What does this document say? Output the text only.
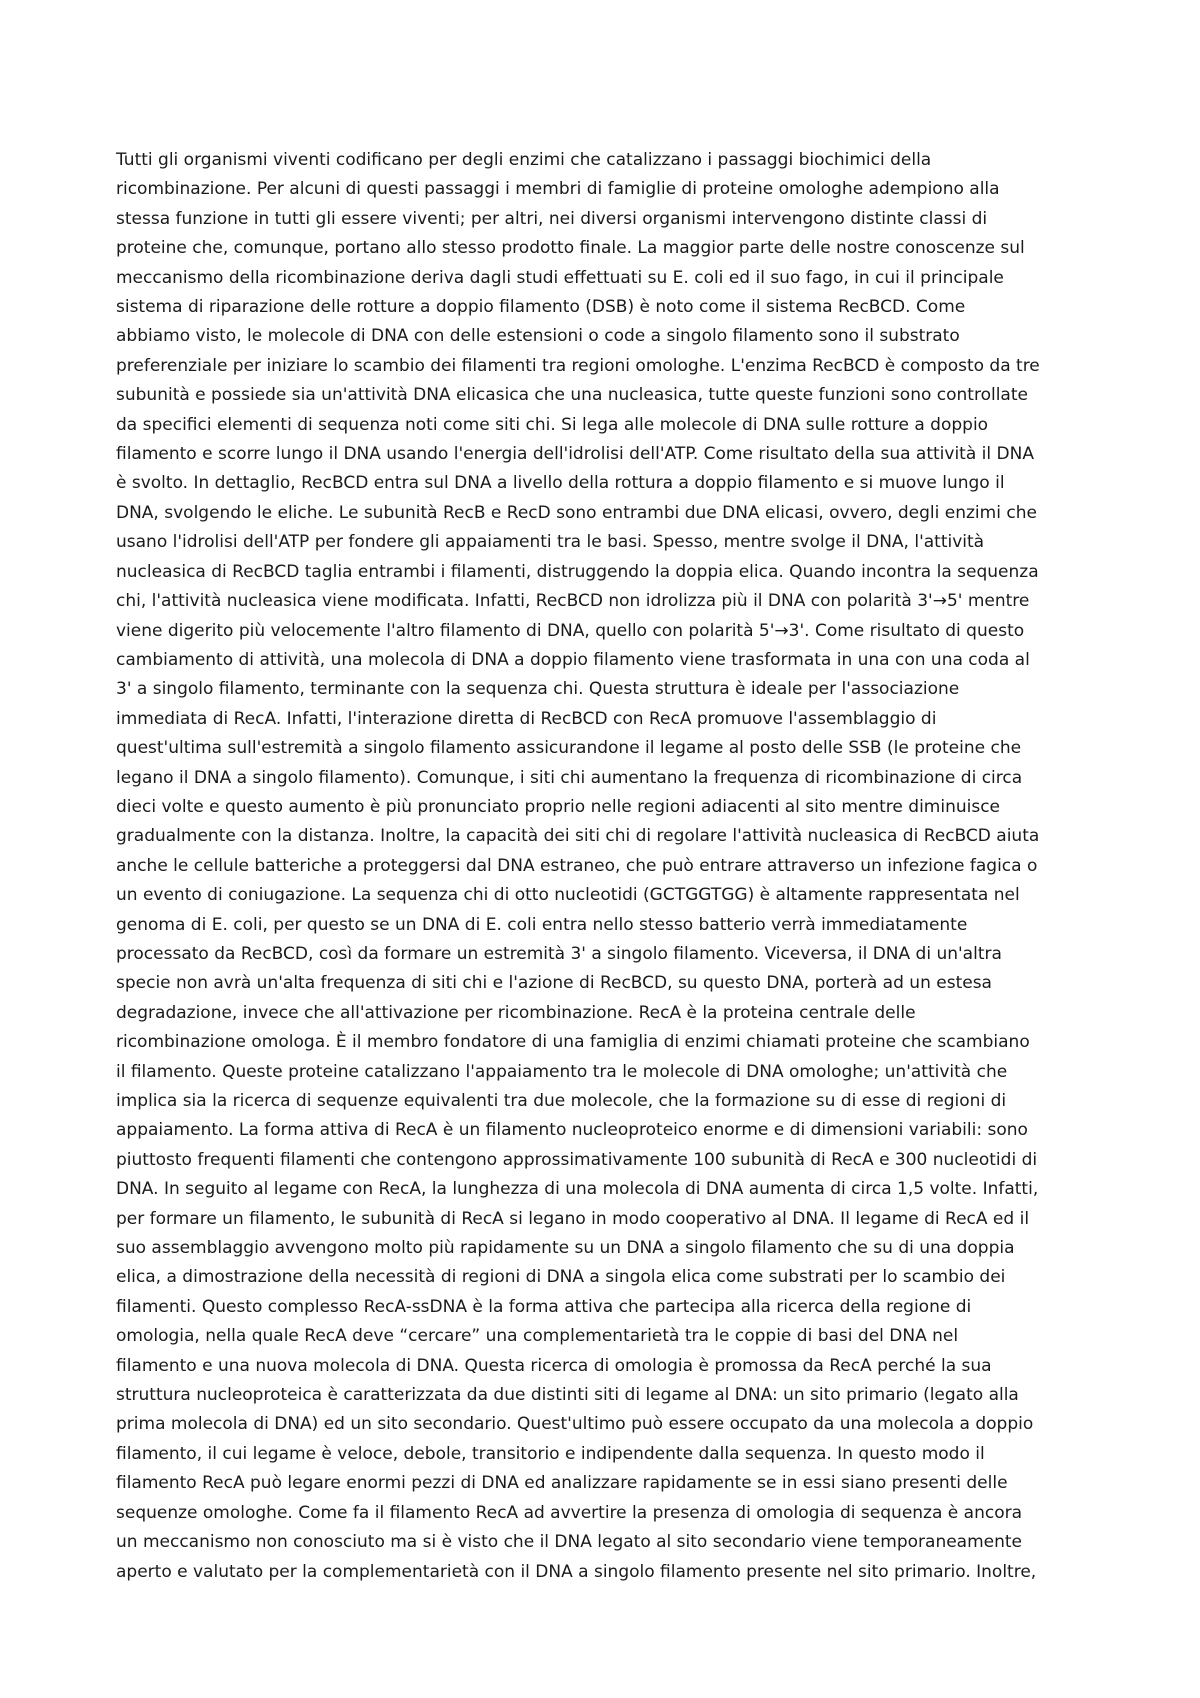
Tutti gli organismi viventi codificano per degli enzimi che catalizzano i passaggi biochimici della
ricombinazione. Per alcuni di questi passaggi i membri di famiglie di proteine omologhe adempiono alla
stessa funzione in tutti gli essere viventi; per altri, nei diversi organismi intervengono distinte classi di
proteine che, comunque, portano allo stesso prodotto finale. La maggior parte delle nostre conoscenze sul
meccanismo della ricombinazione deriva dagli studi effettuati su E. coli ed il suo fago, in cui il principale
sistema di riparazione delle rotture a doppio filamento (DSB) è noto come il sistema RecBCD. Come
abbiamo visto, le molecole di DNA con delle estensioni o code a singolo filamento sono il substrato
preferenziale per iniziare lo scambio dei filamenti tra regioni omologhe. L'enzima RecBCD è composto da tre
subunità e possiede sia un'attività DNA elicasica che una nucleasica, tutte queste funzioni sono controllate
da specifici elementi di sequenza noti come siti chi. Si lega alle molecole di DNA sulle rotture a doppio
filamento e scorre lungo il DNA usando l'energia dell'idrolisi dell'ATP. Come risultato della sua attività il DNA
è svolto. In dettaglio, RecBCD entra sul DNA a livello della rottura a doppio filamento e si muove lungo il
DNA, svolgendo le eliche. Le subunità RecB e RecD sono entrambi due DNA elicasi, ovvero, degli enzimi che
usano l'idrolisi dell'ATP per fondere gli appaiamenti tra le basi. Spesso, mentre svolge il DNA, l'attività
nucleasica di RecBCD taglia entrambi i filamenti, distruggendo la doppia elica. Quando incontra la sequenza
chi, l'attività nucleasica viene modificata. Infatti, RecBCD non idrolizza più il DNA con polarità 3'→5' mentre
viene digerito più velocemente l'altro filamento di DNA, quello con polarità 5'→3'. Come risultato di questo
cambiamento di attività, una molecola di DNA a doppio filamento viene trasformata in una con una coda al
3' a singolo filamento, terminante con la sequenza chi. Questa struttura è ideale per l'associazione
immediata di RecA. Infatti, l'interazione diretta di RecBCD con RecA promuove l'assemblaggio di
quest'ultima sull'estremità a singolo filamento assicurandone il legame al posto delle SSB (le proteine che
legano il DNA a singolo filamento). Comunque, i siti chi aumentano la frequenza di ricombinazione di circa
dieci volte e questo aumento è più pronunciato proprio nelle regioni adiacenti al sito mentre diminuisce
gradualmente con la distanza. Inoltre, la capacità dei siti chi di regolare l'attività nucleasica di RecBCD aiuta
anche le cellule batteriche a proteggersi dal DNA estraneo, che può entrare attraverso un infezione fagica o
un evento di coniugazione. La sequenza chi di otto nucleotidi (GCTGGTGG) è altamente rappresentata nel
genoma di E. coli, per questo se un DNA di E. coli entra nello stesso batterio verrà immediatamente
processato da RecBCD, così da formare un estremità 3' a singolo filamento. Viceversa, il DNA di un'altra
specie non avrà un'alta frequenza di siti chi e l'azione di RecBCD, su questo DNA, porterà ad un estesa
degradazione, invece che all'attivazione per ricombinazione. RecA è la proteina centrale delle
ricombinazione omologa. È il membro fondatore di una famiglia di enzimi chiamati proteine che scambiano
il filamento. Queste proteine catalizzano l'appaiamento tra le molecole di DNA omologhe; un'attività che
implica sia la ricerca di sequenze equivalenti tra due molecole, che la formazione su di esse di regioni di
appaiamento. La forma attiva di RecA è un filamento nucleoproteico enorme e di dimensioni variabili: sono
piuttosto frequenti filamenti che contengono approssimativamente 100 subunità di RecA e 300 nucleotidi di
DNA. In seguito al legame con RecA, la lunghezza di una molecola di DNA aumenta di circa 1,5 volte. Infatti,
per formare un filamento, le subunità di RecA si legano in modo cooperativo al DNA. Il legame di RecA ed il
suo assemblaggio avvengono molto più rapidamente su un DNA a singolo filamento che su di una doppia
elica, a dimostrazione della necessità di regioni di DNA a singola elica come substrati per lo scambio dei
filamenti. Questo complesso RecA-ssDNA è la forma attiva che partecipa alla ricerca della regione di
omologia, nella quale RecA deve “cercare” una complementarietà tra le coppie di basi del DNA nel
filamento e una nuova molecola di DNA. Questa ricerca di omologia è promossa da RecA perché la sua
struttura nucleoproteica è caratterizzata da due distinti siti di legame al DNA: un sito primario (legato alla
prima molecola di DNA) ed un sito secondario. Quest'ultimo può essere occupato da una molecola a doppio
filamento, il cui legame è veloce, debole, transitorio e indipendente dalla sequenza. In questo modo il
filamento RecA può legare enormi pezzi di DNA ed analizzare rapidamente se in essi siano presenti delle
sequenze omologhe. Come fa il filamento RecA ad avvertire la presenza di omologia di sequenza è ancora
un meccanismo non conosciuto ma si è visto che il DNA legato al sito secondario viene temporaneamente
aperto e valutato per la complementarietà con il DNA a singolo filamento presente nel sito primario. Inoltre,
